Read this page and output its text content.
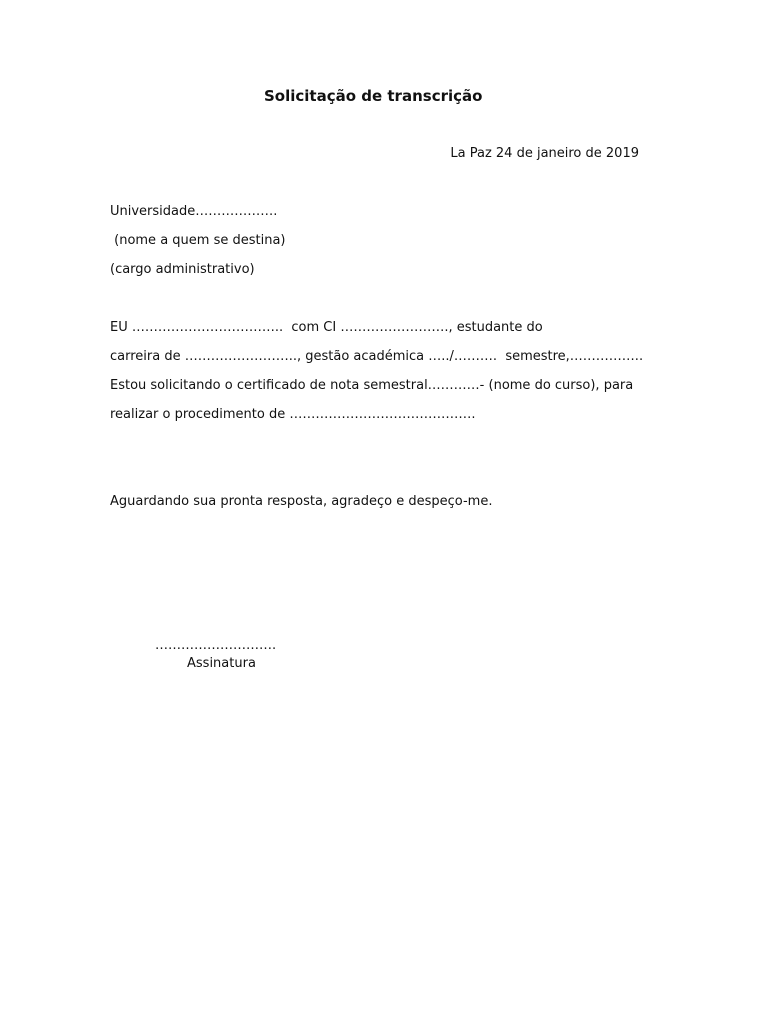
Solicitação de transcrição
La Paz 24 de janeiro de 2019
Universidade……………….
(nome a quem se destina)
(cargo administrativo)
EU ……………………………..  com CI ……………………., estudante do
carreira de …………………….., gestão académica …../……….  semestre,……………..
Estou solicitando o certificado de nota semestral…………- (nome do curso), para
realizar o procedimento de …………………………………….
Aguardando sua pronta resposta, agradeço e despeço-me.
……………………….
Assinatura
